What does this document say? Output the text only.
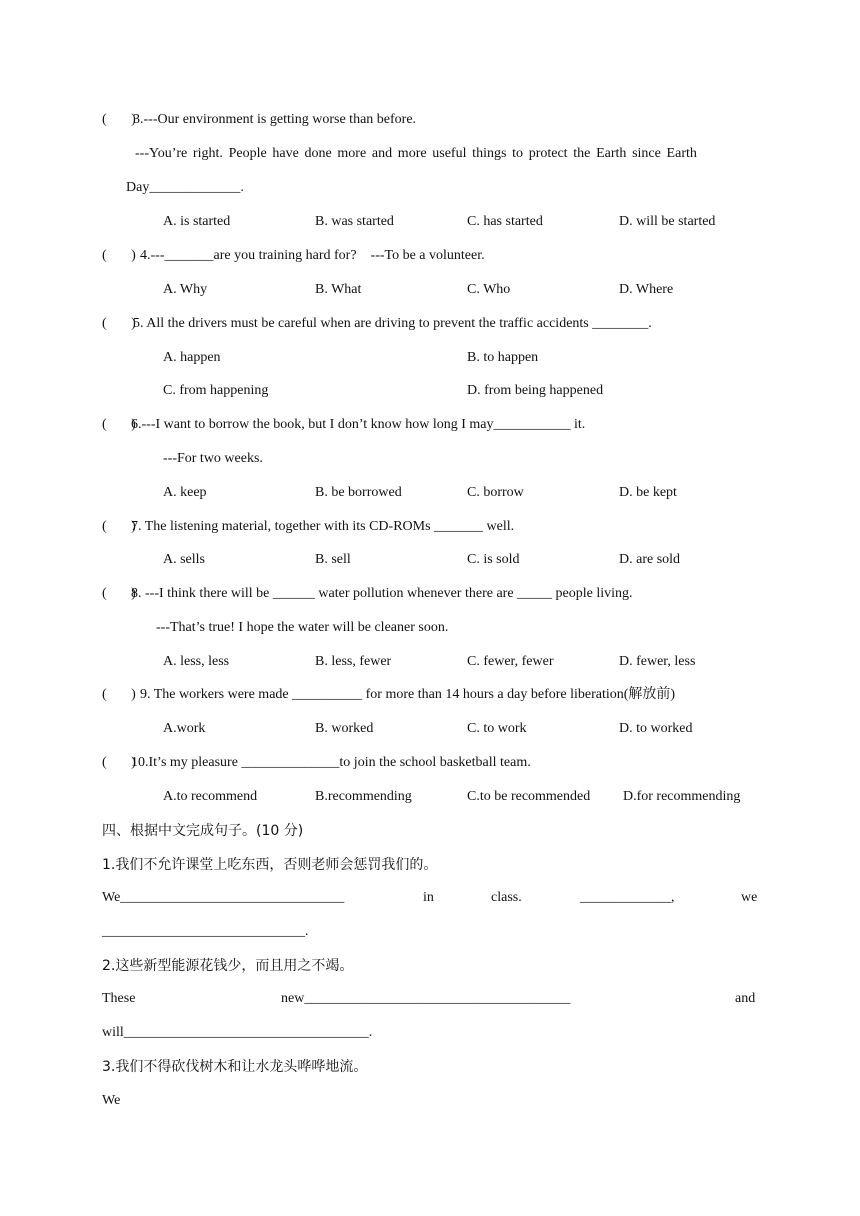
(       )
3.---Our environment is getting worse than before.
---You’re right. People have done more and more useful things to protect the Earth since Earth
Day_____________.
A. is started	B. was started	C. has started	D. will be started
(       ) 4.---_______are you training hard for?    ---To be a volunteer.
A. Why	B. What	C. Who	D. Where
(       )
5. All the drivers must be careful when are driving to prevent the traffic accidents ________.
A. happen	B. to happen
C. from happening	D. from being happened
(       )
6.---I want to borrow the book, but I don’t know how long I may___________ it.
---For two weeks.
A. keep	B. be borrowed	C. borrow	D. be kept
(       )
7. The listening material, together with its CD-ROMs _______ well.
A. sells	B. sell	C. is sold	D. are sold
(       )
8. ---I think there will be ______ water pollution whenever there are _____ people living.
---That’s true! I hope the water will be cleaner soon.
A. less, less	B. less, fewer	C. fewer, fewer	D. fewer, less
(       ) 9. The workers were made __________ for more than 14 hours a day before liberation(解放前)
A.work	B. worked	C. to work	D. to worked
(       )
10.It’s my pleasure ______________to join the school basketball team.
A.to recommend	B.recommending	C.to be recommended D.for recommending
四、根据中文完成句子。(10 分)
1.我们不允许课堂上吃东西，否则老师会惩罚我们的。
We________________________________	in	class.	_____________,	we
_____________________________.
2.这些新型能源花钱少，而且用之不竭。
These	new______________________________________	and
will___________________________________.
3.我们不得砍伐树木和让水龙头哗哗地流。
We
